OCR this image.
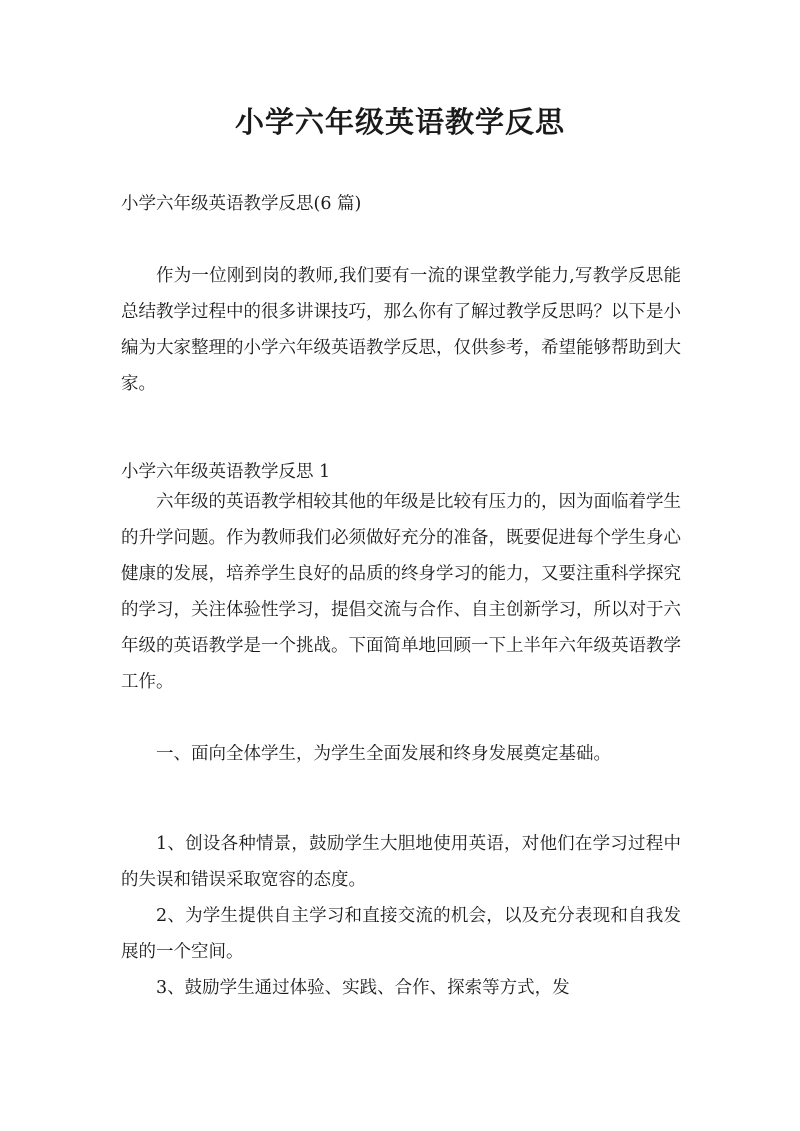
小学六年级英语教学反思

小学六年级英语教学反思(6 篇)

作为一位刚到岗的教师,我们要有一流的课堂教学能力,写教学反思能总结教学过程中的很多讲课技巧，那么你有了解过教学反思吗？以下是小编为大家整理的小学六年级英语教学反思，仅供参考，希望能够帮助到大家。

小学六年级英语教学反思 1

六年级的英语教学相较其他的年级是比较有压力的，因为面临着学生的升学问题。作为教师我们必须做好充分的准备，既要促进每个学生身心健康的发展，培养学生良好的品质的终身学习的能力，又要注重科学探究的学习，关注体验性学习，提倡交流与合作、自主创新学习，所以对于六年级的英语教学是一个挑战。下面简单地回顾一下上半年六年级英语教学工作。

一、面向全体学生，为学生全面发展和终身发展奠定基础。

1、创设各种情景，鼓励学生大胆地使用英语，对他们在学习过程中的失误和错误采取宽容的态度。

2、为学生提供自主学习和直接交流的机会，以及充分表现和自我发展的一个空间。

3、鼓励学生通过体验、实践、合作、探索等方式，发
